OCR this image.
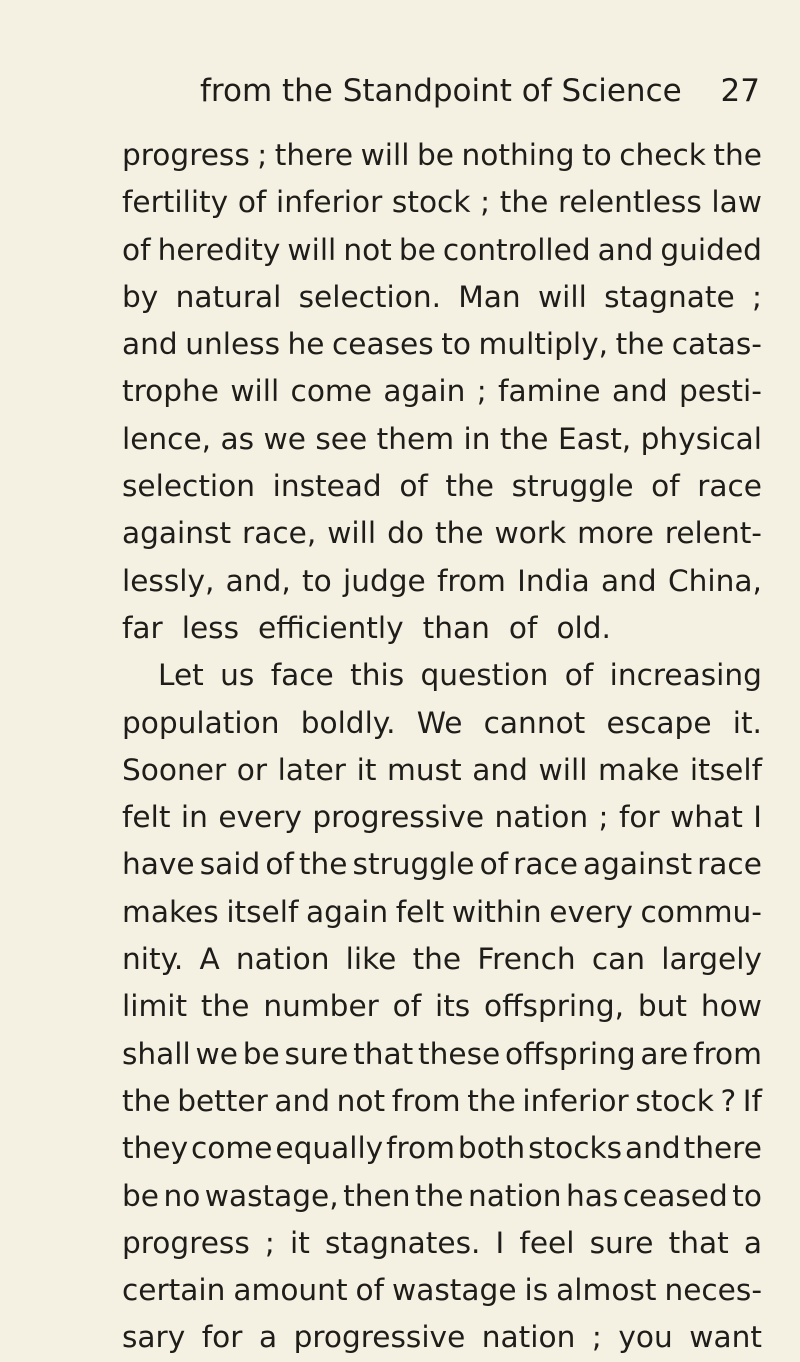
from the Standpoint of Science 27
progress ; there will be nothing to check the
fertility of inferior stock ; the relentless law
of heredity will not be controlled and guided
by natural selection. Man will stagnate ;
and unless he ceases to multiply, the catas-
trophe will come again ; famine and pesti-
lence, as we see them in the East, physical
selection instead of the struggle of race
against race, will do the work more relent-
lessly, and, to judge from India and China,
far less efficiently than of old.
Let us face this question of increasing
population boldly. We cannot escape it.
Sooner or later it must and will make itself
felt in every progressive nation ; for what I
have said of the struggle of race against race
makes itself again felt within every commu-
nity. A nation like the French can largely
limit the number of its offspring, but how
shall we be sure that these offspring are from
the better and not from the inferior stock ? If
they come equally from both stocks and there
be no wastage, then the nation has ceased to
progress ; it stagnates. I feel sure that a
certain amount of wastage is almost neces-
sary for a progressive nation ; you want
